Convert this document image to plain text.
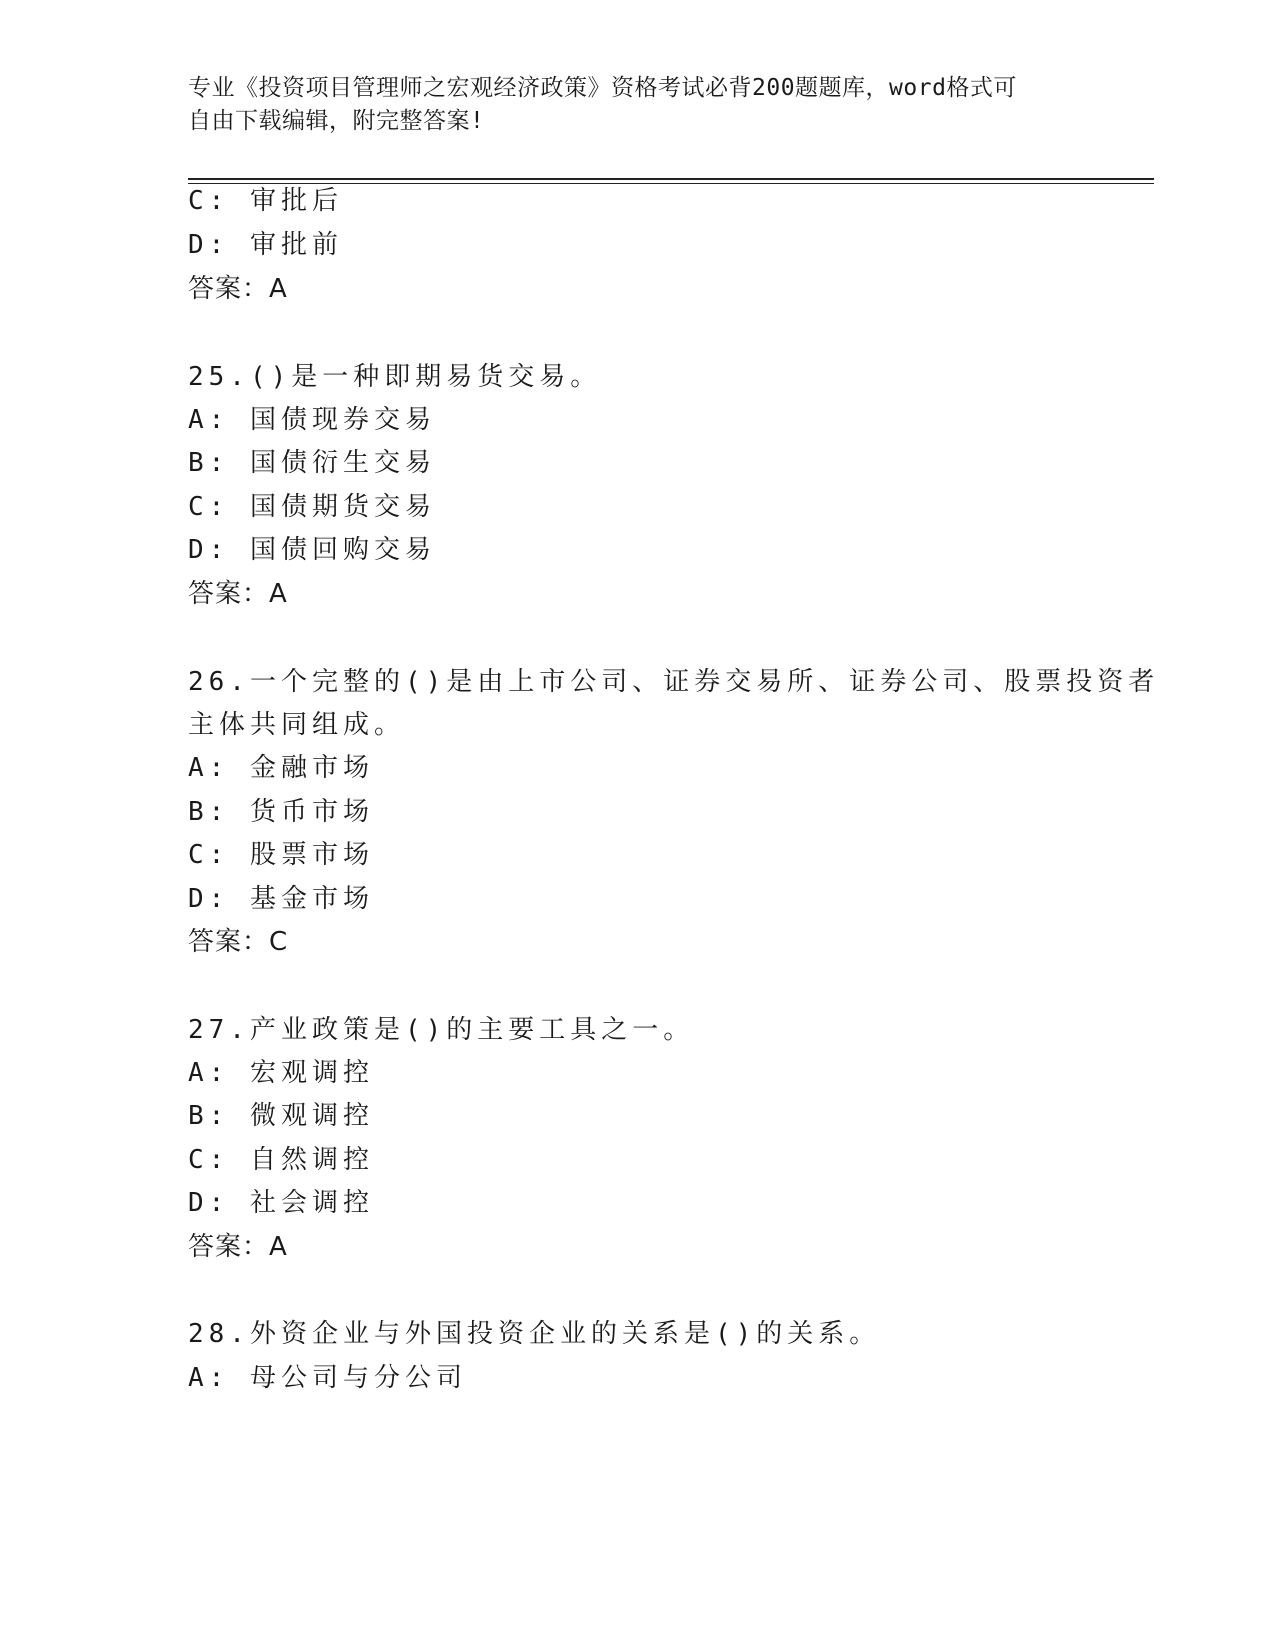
专业《投资项目管理师之宏观经济政策》资格考试必背200题题库，word格式可
自由下载编辑，附完整答案!
C: 审批后
D: 审批前
答案：A
25.()是一种即期易货交易。
A: 国债现券交易
B: 国债衍生交易
C: 国债期货交易
D: 国债回购交易
答案：A
26.一个完整的()是由上市公司、证券交易所、证券公司、股票投资者
主体共同组成。
A: 金融市场
B: 货币市场
C: 股票市场
D: 基金市场
答案：C
27.产业政策是()的主要工具之一。
A: 宏观调控
B: 微观调控
C: 自然调控
D: 社会调控
答案：A
28.外资企业与外国投资企业的关系是()的关系。
A: 母公司与分公司
